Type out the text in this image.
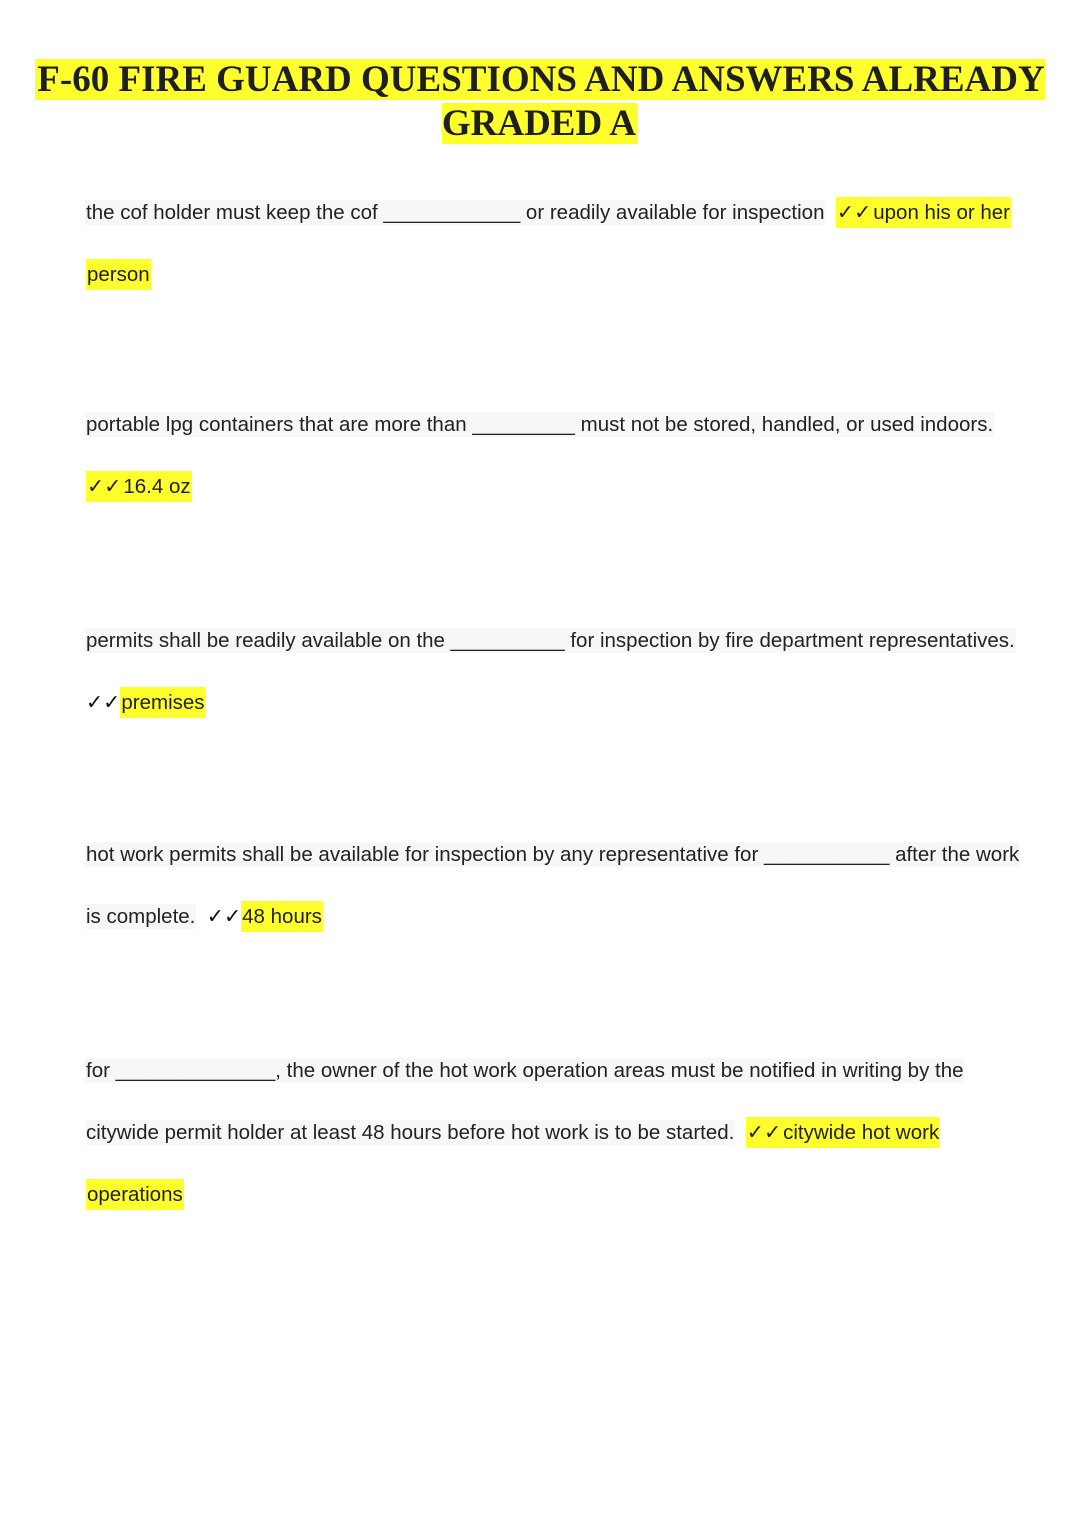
F-60 FIRE GUARD QUESTIONS AND ANSWERS ALREADY GRADED A

the cof holder must keep the cof ____________ or readily available for inspection ✓✓upon his or her person

portable lpg containers that are more than _________ must not be stored, handled, or used indoors.  ✓✓16.4 oz

permits shall be readily available on the __________ for inspection by fire department representatives.  ✓✓premises

hot work permits shall be available for inspection by any representative for ___________ after the work is complete. ✓✓48 hours

for ______________, the owner of the hot work operation areas must be notified in writing by the citywide permit holder at least 48 hours before hot work is to be started. ✓✓citywide hot work operations
